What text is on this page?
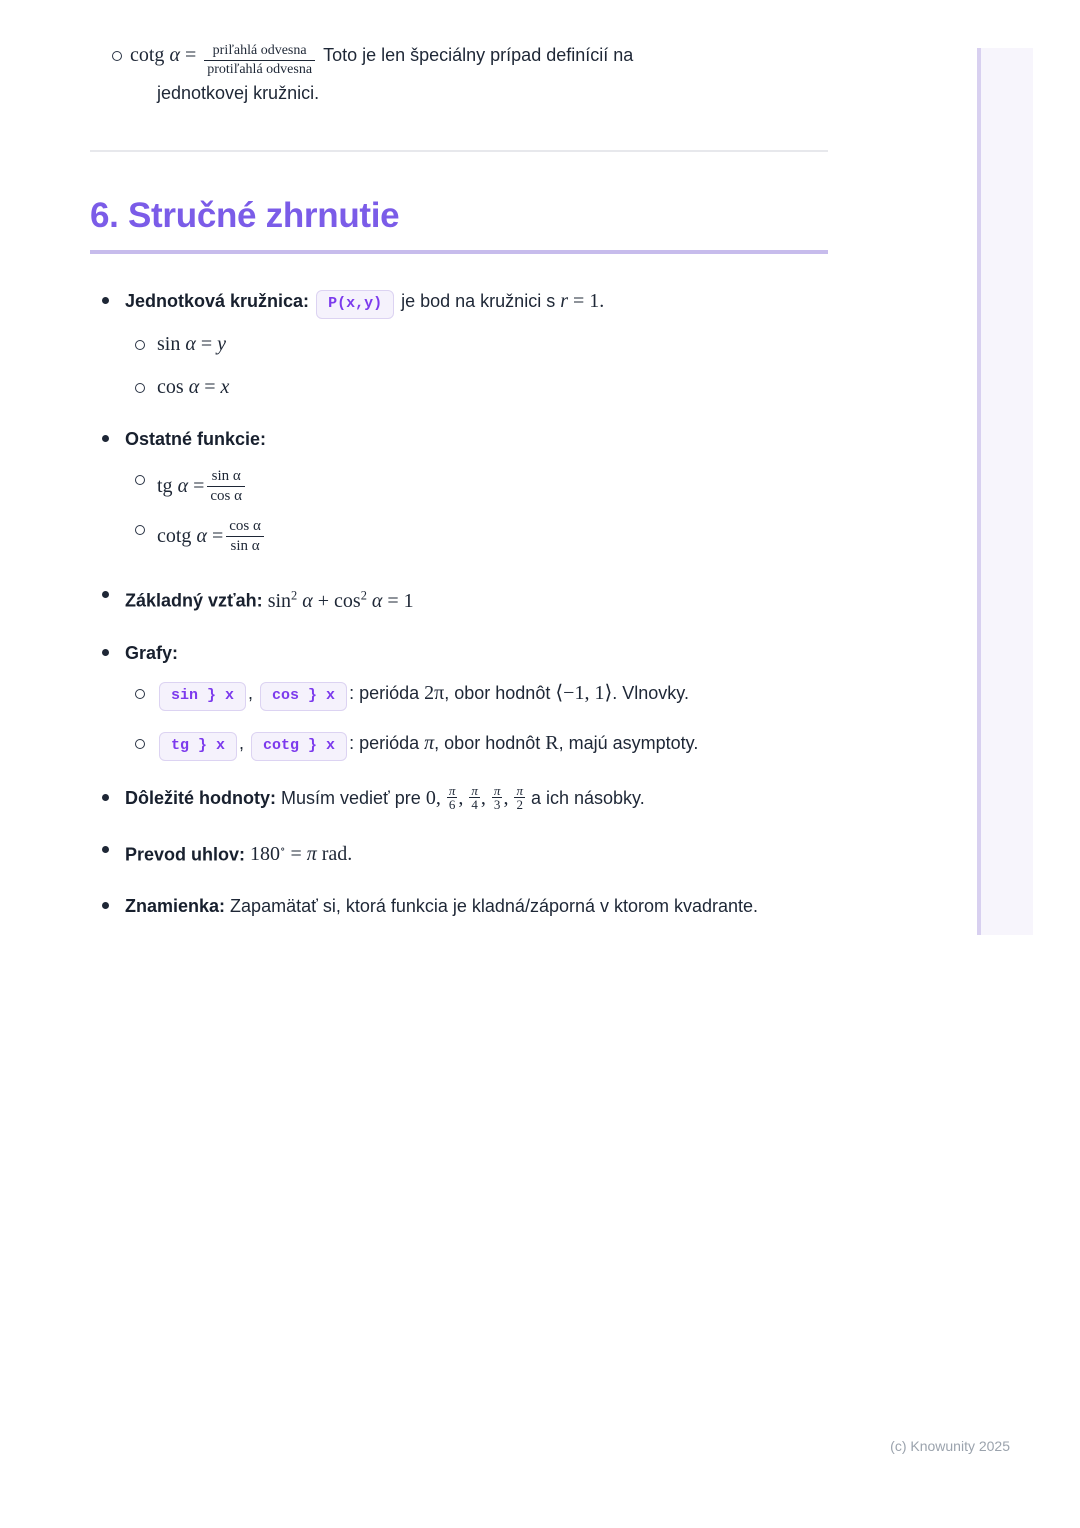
cotg $\alpha = \frac{\text{priľahlá odvesna}}{\text{protiľahlá odvesna}}$ Toto je len špeciálny prípad definícií na
jednotkovej kružnici.
6. Stručné zhrnutie
Jednotková kružnica: P(x,y) je bod na kružnici s r = 1.
sin α = y
cos α = x
Ostatné funkcie:
tg $\alpha = \frac{\text{sin α}}{\text{cos α}}$
cotg $\alpha = \frac{\text{cos α}}{\text{sin α}}$
Základný vzťah: $\sin^2 \alpha + \cos^2 \alpha = 1$
Grafy:
sin } x , cos } x : perióda 2π, obor hodnôt ⟨−1, 1⟩. Vlnovky.
tg } x , cotg } x : perióda π, obor hodnôt R, majú asymptoty.
Dôležité hodnoty: Musím vedieť pre 0, $\frac{\pi}{6}$ , $\frac{\pi}{4}$ , $\frac{\pi}{3}$ , $\frac{\pi}{2}$ a ich násobky.
Prevod uhlov: 180∘ = π rad.
Znamienka: Zapamätať si, ktorá funkcia je kladná/záporná v ktorom kvadrante.
(c) Knowunity 2025
